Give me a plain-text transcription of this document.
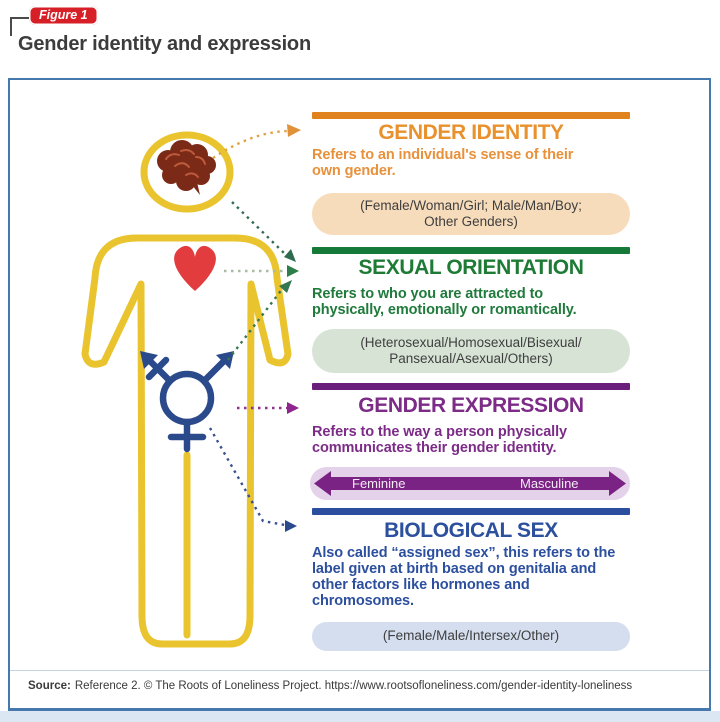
Figure 1
Gender identity and expression
GENDER IDENTITY
Refers to an individual's sense of their
own gender.
(Female/Woman/Girl; Male/Man/Boy;
Other Genders)
SEXUAL ORIENTATION
Refers to who you are attracted to
physically, emotionally or romantically.
(Heterosexual/Homosexual/Bisexual/
Pansexual/Asexual/Others)
GENDER EXPRESSION
Refers to the way a person physically
communicates their gender identity.
Feminine	Masculine
BIOLOGICAL SEX
Also called “assigned sex”, this refers to the
label given at birth based on genitalia and
other factors like hormones and
chromosomes.
(Female/Male/Intersex/Other)
Source: Reference 2. © The Roots of Loneliness Project. https://www.rootsofloneliness.com/gender-identity-loneliness
